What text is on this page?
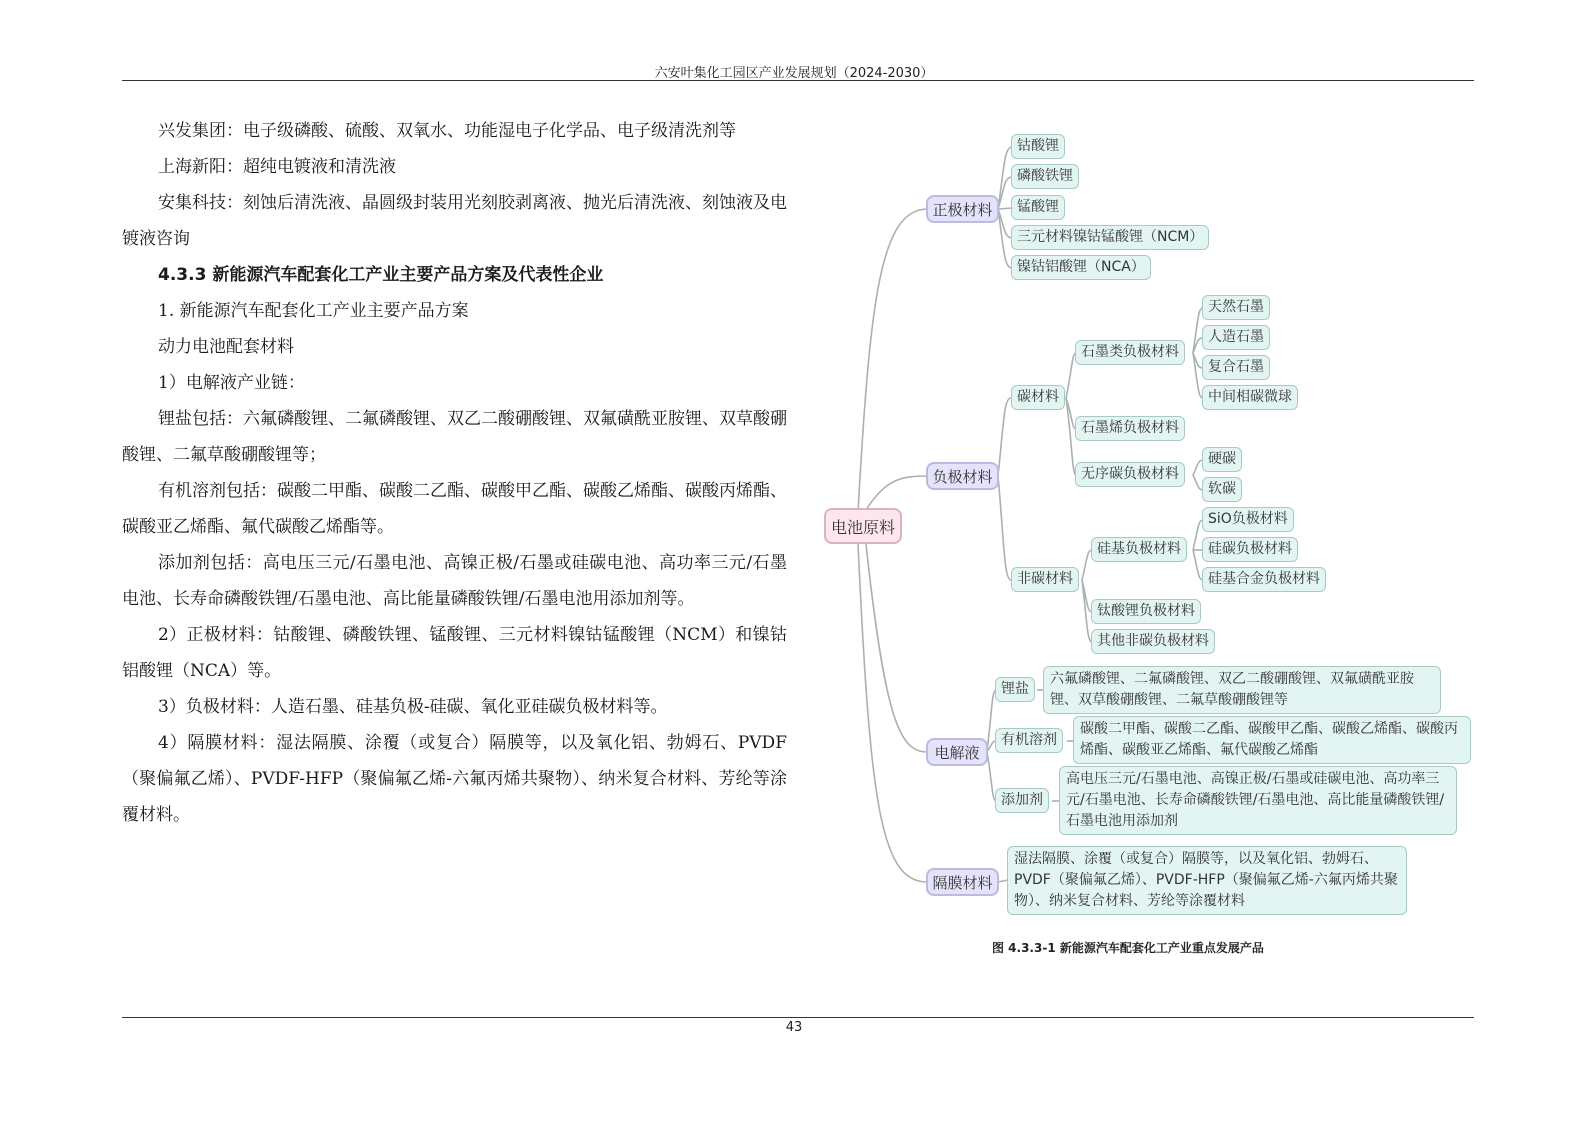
六安叶集化工园区产业发展规划（2024-2030）

兴发集团：电子级磷酸、硫酸、双氧水、功能湿电子化学品、电子级清洗剂等

上海新阳：超纯电镀液和清洗液

安集科技：刻蚀后清洗液、晶圆级封装用光刻胶剥离液、抛光后清洗液、刻蚀液及电镀液咨询

4.3.3 新能源汽车配套化工产业主要产品方案及代表性企业

1. 新能源汽车配套化工产业主要产品方案

动力电池配套材料

1）电解液产业链：

锂盐包括：六氟磷酸锂、二氟磷酸锂、双乙二酸硼酸锂、双氟磺酰亚胺锂、双草酸硼酸锂、二氟草酸硼酸锂等；

有机溶剂包括：碳酸二甲酯、碳酸二乙酯、碳酸甲乙酯、碳酸乙烯酯、碳酸丙烯酯、碳酸亚乙烯酯、氟代碳酸乙烯酯等。

添加剂包括：高电压三元/石墨电池、高镍正极/石墨或硅碳电池、高功率三元/石墨电池、长寿命磷酸铁锂/石墨电池、高比能量磷酸铁锂/石墨电池用添加剂等。

2）正极材料：钴酸锂、磷酸铁锂、锰酸锂、三元材料镍钴锰酸锂（NCM）和镍钴铝酸锂（NCA）等。

3）负极材料：人造石墨、硅基负极-硅碳、氧化亚硅碳负极材料等。

4）隔膜材料：湿法隔膜、涂覆（或复合）隔膜等，以及氧化铝、勃姆石、PVDF（聚偏氟乙烯）、PVDF-HFP（聚偏氟乙烯-六氟丙烯共聚物）、纳米复合材料、芳纶等涂覆材料。

电池原料
正极材料
负极材料
电解液
隔膜材料
钴酸锂
磷酸铁锂
锰酸锂
三元材料镍钴锰酸锂（NCM）
镍钴铝酸锂（NCA）
碳材料
石墨类负极材料
天然石墨
人造石墨
复合石墨
中间相碳微球
石墨烯负极材料
无序碳负极材料
硬碳
软碳
非碳材料
硅基负极材料
SiO负极材料
硅碳负极材料
硅基合金负极材料
钛酸锂负极材料
其他非碳负极材料
锂盐
六氟磷酸锂、二氟磷酸锂、双乙二酸硼酸锂、双氟磺酰亚胺锂、双草酸硼酸锂、二氟草酸硼酸锂等
有机溶剂
碳酸二甲酯、碳酸二乙酯、碳酸甲乙酯、碳酸乙烯酯、碳酸丙烯酯、碳酸亚乙烯酯、氟代碳酸乙烯酯
添加剂
高电压三元/石墨电池、高镍正极/石墨或硅碳电池、高功率三元/石墨电池、长寿命磷酸铁锂/石墨电池、高比能量磷酸铁锂/石墨电池用添加剂
湿法隔膜、涂覆（或复合）隔膜等，以及氧化铝、勃姆石、PVDF（聚偏氟乙烯）、PVDF-HFP（聚偏氟乙烯-六氟丙烯共聚物）、纳米复合材料、芳纶等涂覆材料
图 4.3.3-1 新能源汽车配套化工产业重点发展产品
43
